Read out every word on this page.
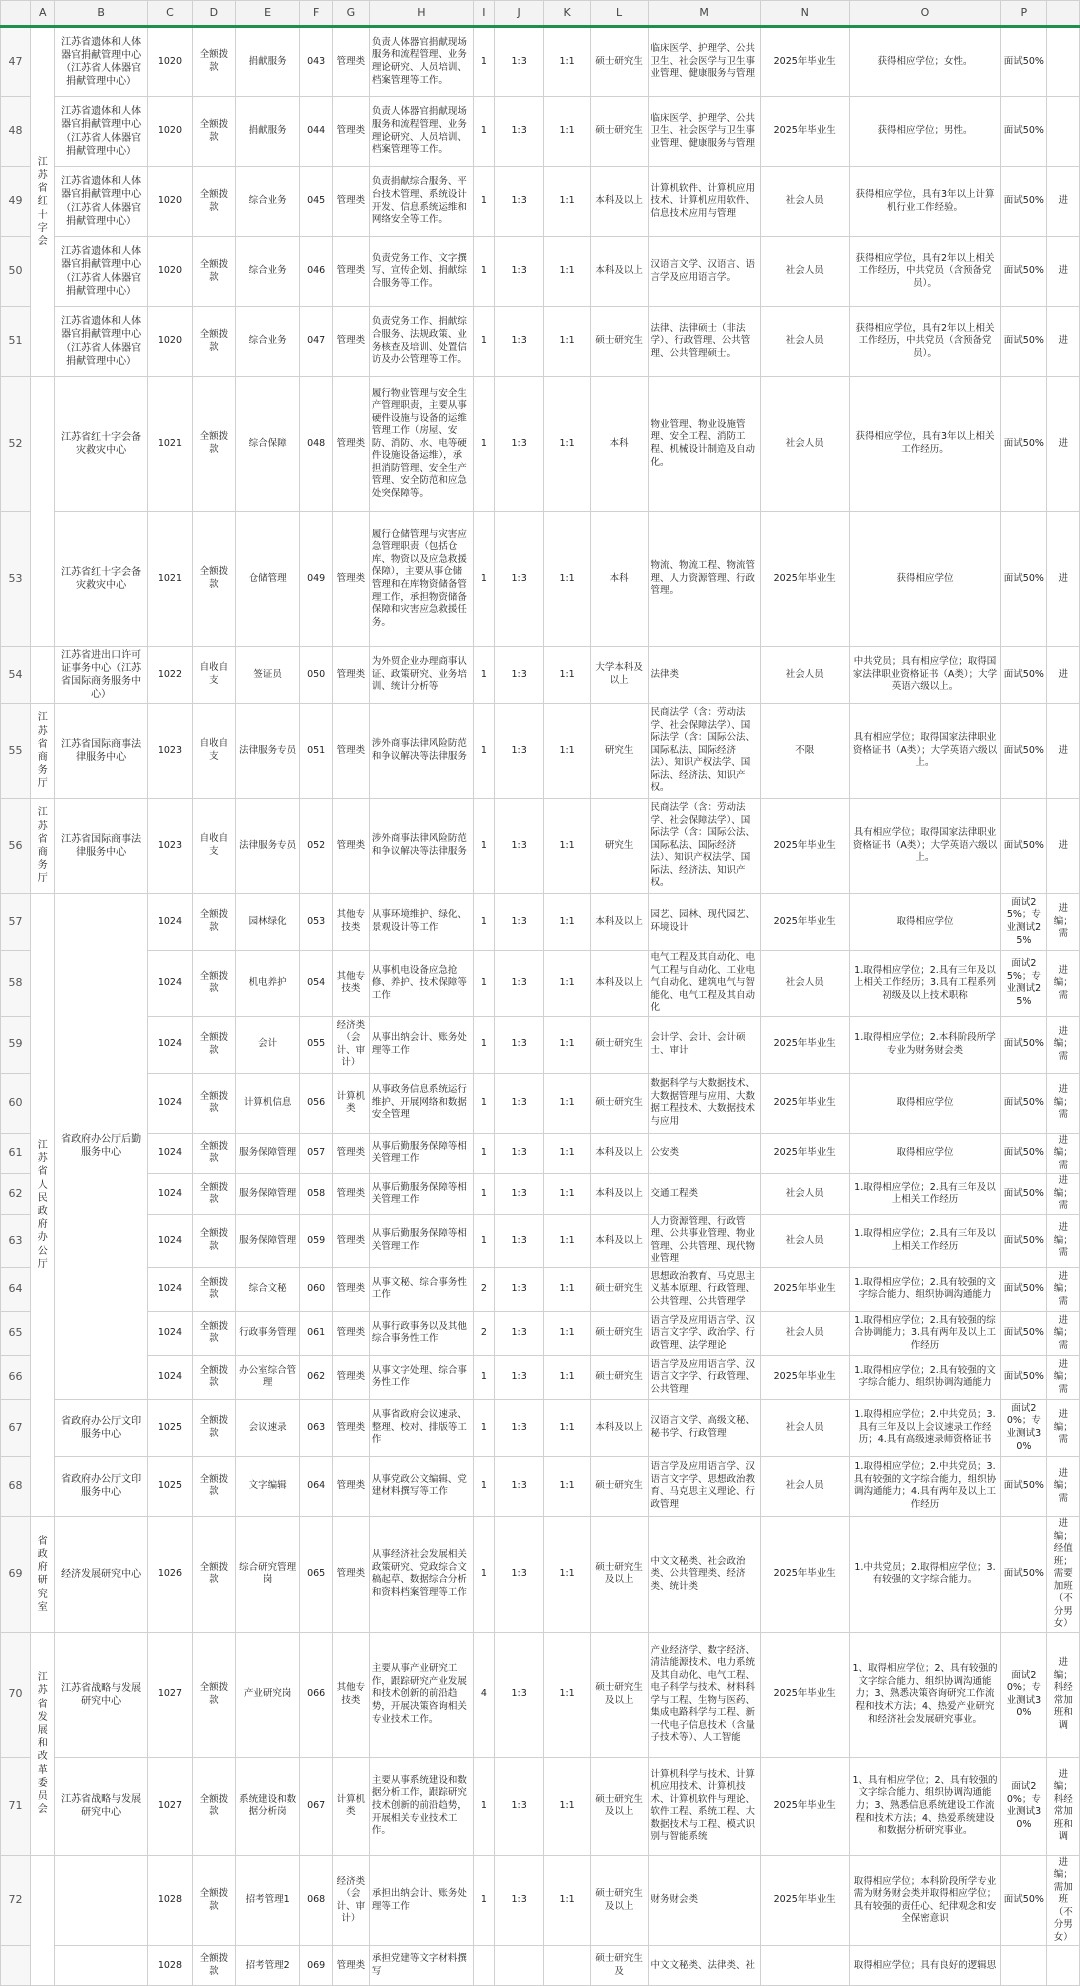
	A	B	C	D	E	F	G	H	I	J	K	L	M	N	O	P	
47	江苏省红十字会	江苏省遗体和人体器官捐献管理中心（江苏省人体器官捐献管理中心）	1020	全额拨款	捐献服务	043	管理类	负责人体器官捐献现场服务和流程管理、业务理论研究、人员培训、档案管理等工作。	1	1:3	1:1	硕士研究生	临床医学、护理学、公共卫生、社会医学与卫生事业管理、健康服务与管理	2025年毕业生	获得相应学位；女性。	面试50%	
48		江苏省遗体和人体器官捐献管理中心（江苏省人体器官捐献管理中心）	1020	全额拨款	捐献服务	044	管理类	负责人体器官捐献现场服务和流程管理、业务理论研究、人员培训、档案管理等工作。	1	1:3	1:1	硕士研究生	临床医学、护理学、公共卫生、社会医学与卫生事业管理、健康服务与管理	2025年毕业生	获得相应学位；男性。	面试50%	
49		江苏省遗体和人体器官捐献管理中心（江苏省人体器官捐献管理中心）	1020	全额拨款	综合业务	045	管理类	负责捐献综合服务、平台技术管理、系统设计开发、信息系统运维和网络安全等工作。	1	1:3	1:1	本科及以上	计算机软件、计算机应用技术、计算机应用软件、信息技术应用与管理	社会人员	获得相应学位，具有3年以上计算机行业工作经验。	面试50%	进
50		江苏省遗体和人体器官捐献管理中心（江苏省人体器官捐献管理中心）	1020	全额拨款	综合业务	046	管理类	负责党务工作、文字撰写、宣传企划、捐献综合服务等工作。	1	1:3	1:1	本科及以上	汉语言文学、汉语言、语言学及应用语言学。	社会人员	获得相应学位，具有2年以上相关工作经历，中共党员（含预备党员）。	面试50%	进
51		江苏省遗体和人体器官捐献管理中心（江苏省人体器官捐献管理中心）	1020	全额拨款	综合业务	047	管理类	负责党务工作、捐献综合服务、法规政策、业务核查及培训、处置信访及办公管理等工作。	1	1:3	1:1	硕士研究生	法律、法律硕士（非法学）、行政管理、公共管理、公共管理硕士。	社会人员	获得相应学位，具有2年以上相关工作经历，中共党员（含预备党员）。	面试50%	进
52		江苏省红十字会备灾救灾中心	1021	全额拨款	综合保障	048	管理类	履行物业管理与安全生产管理职责，主要从事硬件设施与设备的运维管理工作（房屋、安防、消防、水、电等硬件设施设备运维），承担消防管理、安全生产管理、安全防范和应急处突保障等。	1	1:3	1:1	本科	物业管理、物业设施管理、安全工程、消防工程、机械设计制造及自动化。	社会人员	获得相应学位，具有3年以上相关工作经历。	面试50%	进
53		江苏省红十字会备灾救灾中心	1021	全额拨款	仓储管理	049	管理类	履行仓储管理与灾害应急管理职责（包括仓库、物资以及应急救援保障），主要从事仓储管理和在库物资储备管理工作，承担物资储备保障和灾害应急救援任务。	1	1:3	1:1	本科	物流、物流工程、物流管理、人力资源管理、行政管理。	2025年毕业生	获得相应学位	面试50%	进
54		江苏省进出口许可证事务中心（江苏省国际商务服务中心）	1022	自收自支	签证员	050	管理类	为外贸企业办理商事认证、政策研究、业务培训、统计分析等	1	1:3	1:1	大学本科及以上	法律类	社会人员	中共党员；具有相应学位；取得国家法律职业资格证书（A类）；大学英语六级以上。	面试50%	进
55	江苏省商务厅	江苏省国际商事法律服务中心	1023	自收自支	法律服务专员	051	管理类	涉外商事法律风险防范和争议解决等法律服务	1	1:3	1:1	研究生	民商法学（含：劳动法学、社会保障法学）、国际法学（含：国际公法、国际私法、国际经济法）、知识产权法学、国际法、经济法、知识产权。	不限	具有相应学位；取得国家法律职业资格证书（A类）；大学英语六级以上。	面试50%	进
56	江苏省商务厅	江苏省国际商事法律服务中心	1023	自收自支	法律服务专员	052	管理类	涉外商事法律风险防范和争议解决等法律服务	1	1:3	1:1	研究生	民商法学（含：劳动法学、社会保障法学）、国际法学（含：国际公法、国际私法、国际经济法）、知识产权法学、国际法、经济法、知识产权。	2025年毕业生	具有相应学位；取得国家法律职业资格证书（A类）；大学英语六级以上。	面试50%	进
57	江苏省人民政府办公厅	省政府办公厅后勤服务中心	1024	全额拨款	园林绿化	053	其他专技类	从事环境维护、绿化、景观设计等工作	1	1:3	1:1	本科及以上	园艺、园林、现代园艺、环境设计	2025年毕业生	取得相应学位	面试25%；专业测试25%	进编；需
58			1024	全额拨款	机电养护	054	其他专技类	从事机电设备应急抢修、养护、技术保障等工作	1	1:3	1:1	本科及以上	电气工程及其自动化、电气工程与自动化、工业电气自动化、建筑电气与智能化、电气工程及其自动化	社会人员	1.取得相应学位；2.具有三年及以上相关工作经历；3.具有工程系列初级及以上技术职称	面试25%；专业测试25%	进编；需
59			1024	全额拨款	会计	055	经济类（会计、审计）	从事出纳会计、账务处理等工作	1	1:3	1:1	硕士研究生	会计学、会计、会计硕士、审计	2025年毕业生	1.取得相应学位；2.本科阶段所学专业为财务财会类	面试50%	进编；需
60			1024	全额拨款	计算机信息	056	计算机类	从事政务信息系统运行维护、开展网络和数据安全管理	1	1:3	1:1	硕士研究生	数据科学与大数据技术、大数据管理与应用、大数据工程技术、大数据技术与应用	2025年毕业生	取得相应学位	面试50%	进编；需
61			1024	全额拨款	服务保障管理	057	管理类	从事后勤服务保障等相关管理工作	1	1:3	1:1	本科及以上	公安类	2025年毕业生	取得相应学位	面试50%	进编；需
62			1024	全额拨款	服务保障管理	058	管理类	从事后勤服务保障等相关管理工作	1	1:3	1:1	本科及以上	交通工程类	社会人员	1.取得相应学位；2.具有三年及以上相关工作经历	面试50%	进编；需
63			1024	全额拨款	服务保障管理	059	管理类	从事后勤服务保障等相关管理工作	1	1:3	1:1	本科及以上	人力资源管理、行政管理、公共事业管理、物业管理、公共管理、现代物业管理	社会人员	1.取得相应学位；2.具有三年及以上相关工作经历	面试50%	进编；需
64			1024	全额拨款	综合文秘	060	管理类	从事文秘、综合事务性工作	2	1:3	1:1	硕士研究生	思想政治教育、马克思主义基本原理、行政管理、公共管理、公共管理学	2025年毕业生	1.取得相应学位；2.具有较强的文字综合能力、组织协调沟通能力	面试50%	进编；需
65			1024	全额拨款	行政事务管理	061	管理类	从事行政事务以及其他综合事务性工作	2	1:3	1:1	硕士研究生	语言学及应用语言学、汉语言文字学、政治学、行政管理、法学理论	社会人员	1.取得相应学位；2.具有较强的综合协调能力；3.具有两年及以上工作经历	面试50%	进编；需
66			1024	全额拨款	办公室综合管理	062	管理类	从事文字处理、综合事务性工作	1	1:3	1:1	硕士研究生	语言学及应用语言学、汉语言文字学、行政管理、公共管理	2025年毕业生	1.取得相应学位；2.具有较强的文字综合能力、组织协调沟通能力	面试50%	进编；需
67		省政府办公厅文印服务中心	1025	全额拨款	会议速录	063	管理类	从事省政府会议速录、整理、校对、排版等工作	1	1:3	1:1	本科及以上	汉语言文学、高级文秘、秘书学、行政管理	社会人员	1.取得相应学位；2.中共党员；3.具有三年及以上会议速录工作经历；4.具有高级速录师资格证书	面试20%；专业测试30%	进编；需
68		省政府办公厅文印服务中心	1025	全额拨款	文字编辑	064	管理类	从事党政公文编辑、党建材料撰写等工作	1	1:3	1:1	硕士研究生	语言学及应用语言学、汉语言文字学、思想政治教育、马克思主义理论、行政管理	社会人员	1.取得相应学位；2.中共党员；3.具有较强的文字综合能力，组织协调沟通能力；4.具有两年及以上工作经历	面试50%	进编；需
69	省政府研究室	经济发展研究中心	1026	全额拨款	综合研究管理岗	065	管理类	从事经济社会发展相关政策研究、党政综合文稿起草、数据综合分析和资料档案管理等工作	1	1:3	1:1	硕士研究生及以上	中文文秘类、社会政治类、公共管理类、经济类、统计类	2025年毕业生	1.中共党员；2.取得相应学位；3.有较强的文字综合能力。	面试50%	进编；经值班；需要加班（不分男女）
70	江苏省发展和改革委员会	江苏省战略与发展研究中心	1027	全额拨款	产业研究岗	066	其他专技类	主要从事产业研究工作，跟踪研究产业发展和技术创新的前沿趋势，开展决策咨询相关专业技术工作。	4	1:3	1:1	硕士研究生及以上	产业经济学、数字经济、清洁能源技术、电力系统及其自动化、电气工程、电子科学与技术、材料科学与工程、生物与医药、集成电路科学与工程、新一代电子信息技术（含量子技术等）、人工智能	2025年毕业生	1、取得相应学位；2、具有较强的文字综合能力、组织协调沟通能力；3、熟悉决策咨询研究工作流程和技术方法；4、热爱产业研究和经济社会发展研究事业。	面试20%；专业测试30%	进编；科经常加班和调
71		江苏省战略与发展研究中心	1027	全额拨款	系统建设和数据分析岗	067	计算机类	主要从事系统建设和数据分析工作，跟踪研究技术创新的前沿趋势，开展相关专业技术工作。	1	1:3	1:1	硕士研究生及以上	计算机科学与技术、计算机应用技术、计算机技术、计算机软件与理论、软件工程、系统工程、大数据技术与工程、模式识别与智能系统	2025年毕业生	1、具有相应学位；2、具有较强的文字综合能力、组织协调沟通能力；3、熟悉信息系统建设工作流程和技术方法；4、热爱系统建设和数据分析研究事业。	面试20%；专业测试30%	进编；科经常加班和调
72			1028	全额拨款	招考管理1	068	经济类（会计、审计）	承担出纳会计、账务处理等工作	1	1:3	1:1	硕士研究生及以上	财务财会类	2025年毕业生	取得相应学位；本科阶段所学专业需为财务财会类并取得相应学位；具有较强的责任心、纪律观念和安全保密意识	面试50%	进编；需加班（不分男女）
			1028	全额拨款	招考管理2	069	管理类	承担党建等文字材料撰写				硕士研究生及	中文文秘类、法律类、社		取得相应学位；具有良好的逻辑思		
